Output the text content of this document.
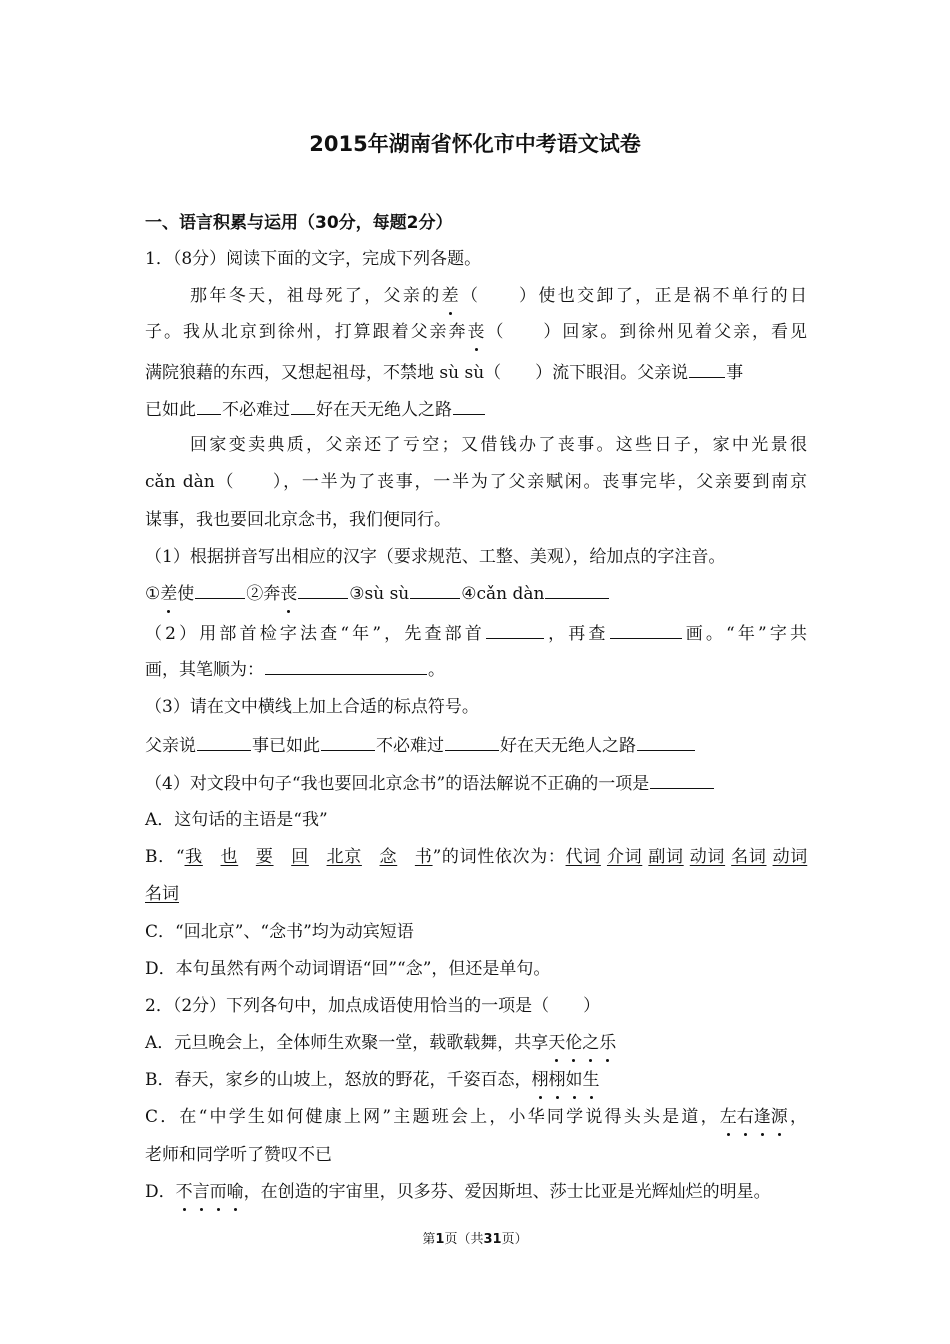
2015年湖南省怀化市中考语文试卷
一、语言积累与运用（30分，每题2分）
1．（8分）阅读下面的文字，完成下列各题。
那年冬天，祖母死了，父亲的差（　　）使也交卸了，正是祸不单行的日
子。我从北京到徐州，打算跟着父亲奔丧（　　）回家。到徐州见着父亲，看见
满院狼藉的东西，又想起祖母，不禁地 sù sù（　　）流下眼泪。父亲说 事
已如此 不必难过 好在天无绝人之路
回家变卖典质，父亲还了亏空；又借钱办了丧事。这些日子，家中光景很
cǎn dàn（　　），一半为了丧事，一半为了父亲赋闲。丧事完毕，父亲要到南京
谋事，我也要回北京念书，我们便同行。
（1）根据拼音写出相应的汉字（要求规范、工整、美观），给加点的字注音。
①差使	②奔丧	③sù sù	④cǎn dàn
（2）用部首检字法查“年”，先查部首	，再查	画。“年”字共
画，其笔顺为：	。
（3）请在文中横线上加上合适的标点符号。
父亲说	事已如此	不必难过	好在天无绝人之路
（4）对文段中句子“我也要回北京念书”的语法解说不正确的一项是
A．这句话的主语是“我”
B．“我　 也　 要　 回　 北京　 念　 书”的词性依次为：代词 介词 副词 动词 名词 动词
名词
C．“回北京”、“念书”均为动宾短语
D．本句虽然有两个动词谓语“回”“念”，但还是单句。
2．（2分）下列各句中，加点成语使用恰当的一项是（　　）
A．元旦晚会上，全体师生欢聚一堂，载歌载舞，共享天伦之乐
B．春天，家乡的山坡上，怒放的野花，千姿百态，栩栩如生
C．在“中学生如何健康上网”主题班会上，小华同学说得头头是道，左右逢源，
老师和同学听了赞叹不已
D．不言而喻，在创造的宇宙里，贝多芬、爱因斯坦、莎士比亚是光辉灿烂的明星。
第1页（共31页）
